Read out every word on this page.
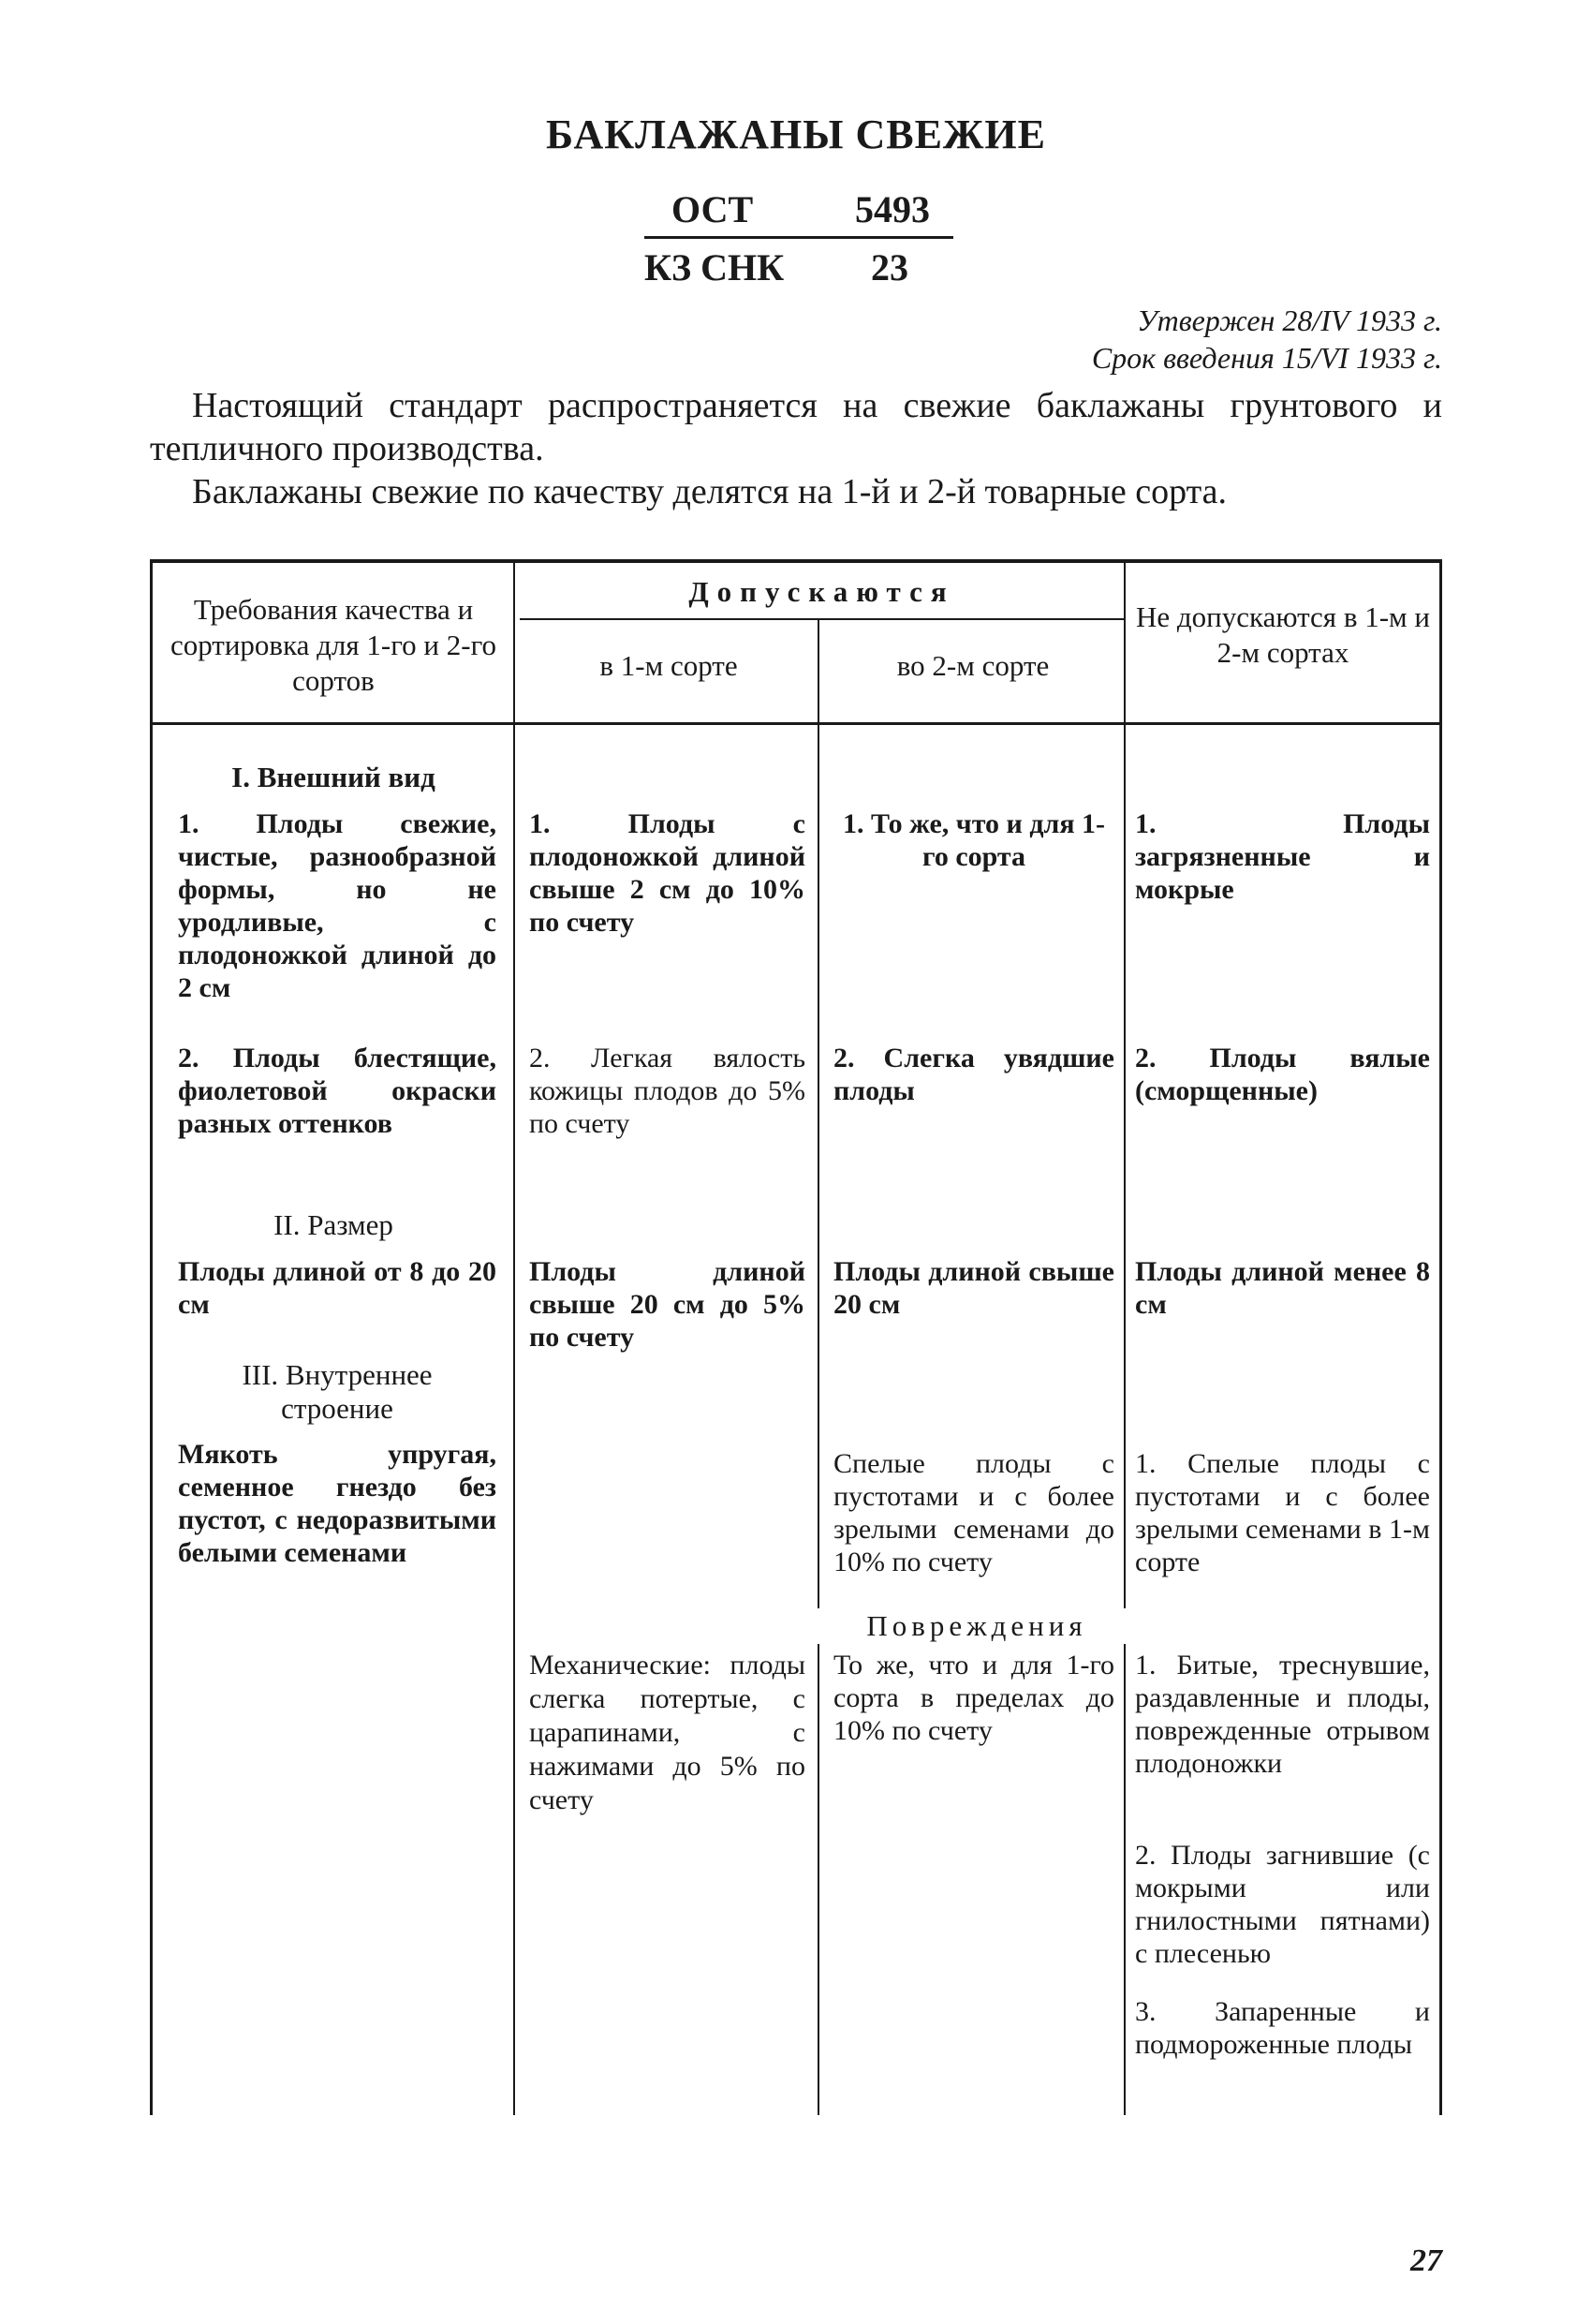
БАКЛАЖАНЫ СВЕЖИЕ
ОСТ	5493
КЗ СНК 23
Утвержен 28/IV 1933 г.
Срок введения 15/VI 1933 г.
Настоящий стандарт распространяется на свежие баклажаны грунтового и тепличного производства.
Баклажаны свежие по качеству делятся на 1-й и 2-й товарные сорта.
Требования качества и сортировка для 1-го и 2-го сортов
Допускаются
в 1-м сорте	во 2-м сорте
Не допускаются в 1-м и 2-м сортах
I. Внешний вид
1. Плоды свежие, чистые, разнообразной формы, но не уродливые, с плодоножкой длиной до 2 см
1. Плоды с плодоножкой длиной свыше 2 см до 10% по счету
1. То же, что и для 1-го сорта
1. Плоды загрязненные и мокрые
2. Плоды блестящие, фиолетовой окраски разных оттенков
2. Легкая вялость кожицы плодов до 5% по счету
2. Слегка увядшие плоды
2. Плоды вялые (сморщенные)
II. Размер
Плоды длиной от 8 до 20 см
Плоды длиной свыше 20 см до 5% по счету
Плоды длиной свыше 20 см
Плоды длиной менее 8 см
III. Внутреннее строение
Мякоть упругая, семенное гнездо без пустот, с недоразвитыми белыми семенами
Спелые плоды с пустотами и с более зрелыми семенами до 10% по счету
1. Спелые плоды с пустотами и с более зрелыми семенами в 1-м сорте
Повреждения
Механические: плоды слегка потертые, с царапинами, с нажимами до 5% по счету
То же, что и для 1-го сорта в пределах до 10% по счету
1. Битые, треснувшие, раздавленные и плоды, поврежденные отрывом плодоножки
2. Плоды загнившие (с мокрыми или гнилостными пятнами) с плесенью
3. Запаренные и подмороженные плоды
27
